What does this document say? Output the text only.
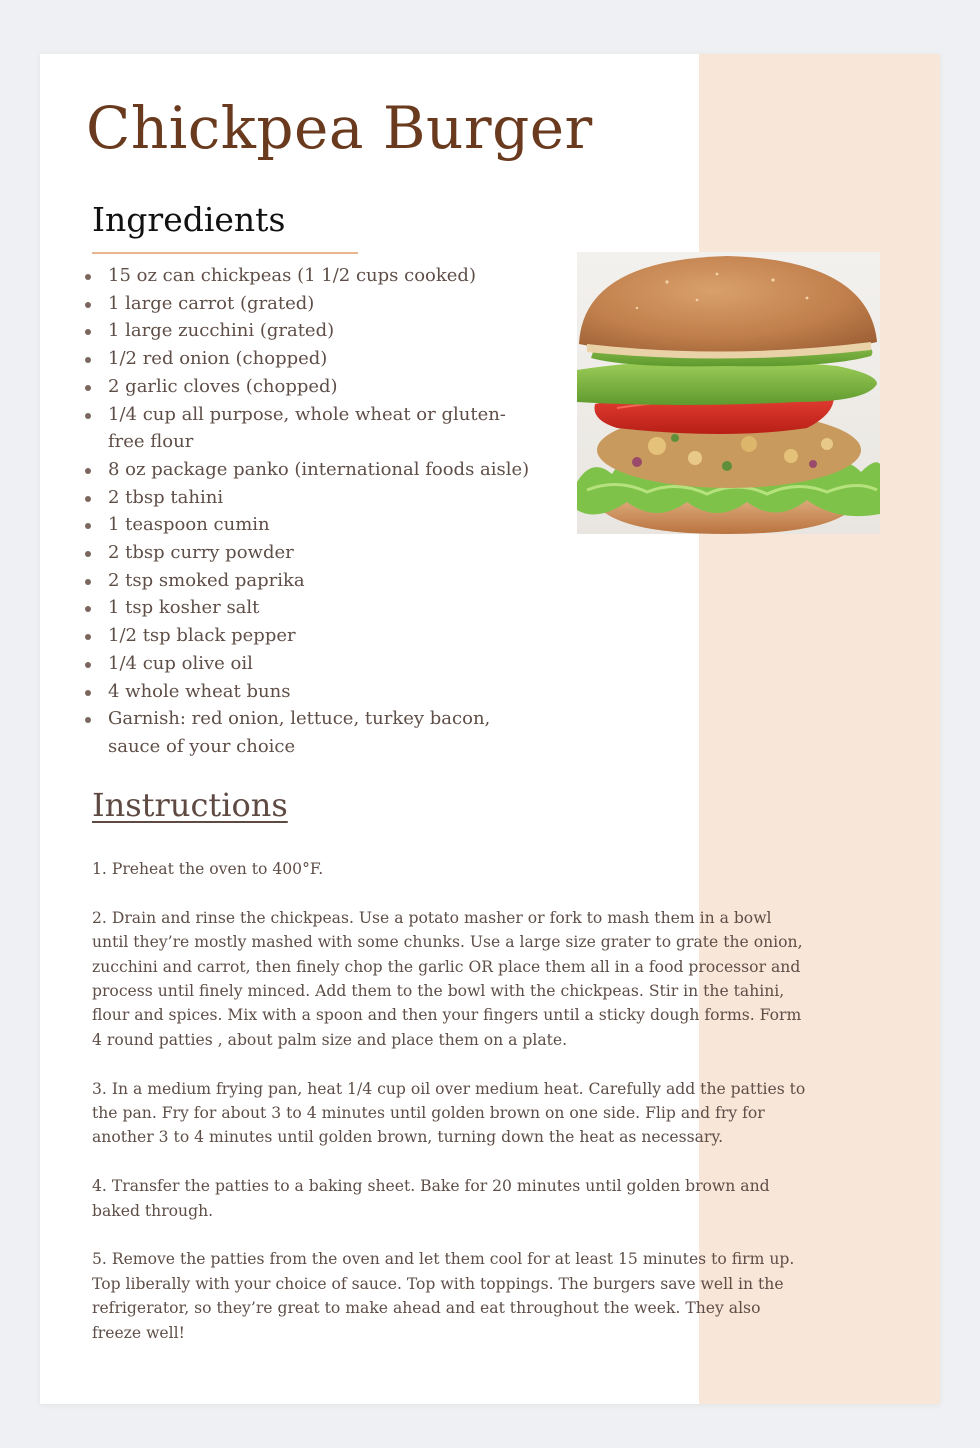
Chickpea Burger
Ingredients
15 oz can chickpeas (1 1/2 cups cooked)
1 large carrot (grated)
1 large zucchini (grated)
1/2 red onion (chopped)
2 garlic cloves (chopped)
1/4 cup all purpose, whole wheat or gluten-free flour
8 oz package panko (international foods aisle)
2 tbsp tahini
1 teaspoon cumin
2 tbsp curry powder
2 tsp smoked paprika
1 tsp kosher salt
1/2 tsp black pepper
1/4 cup olive oil
4 whole wheat buns
Garnish: red onion, lettuce, turkey bacon, sauce of your choice
Instructions

1. Preheat the oven to 400°F.

2. Drain and rinse the chickpeas. Use a potato masher or fork to mash them in a bowl until they’re mostly mashed with some chunks. Use a large size grater to grate the onion, zucchini and carrot, then finely chop the garlic OR place them all in a food processor and process until finely minced. Add them to the bowl with the chickpeas. Stir in the tahini, flour and spices. Mix with a spoon and then your fingers until a sticky dough forms. Form 4 round patties , about palm size and place them on a plate.

3. In a medium frying pan, heat 1/4 cup oil over medium heat. Carefully add the patties to the pan. Fry for about 3 to 4 minutes until golden brown on one side. Flip and fry for another 3 to 4 minutes until golden brown, turning down the heat as necessary.

4. Transfer the patties to a baking sheet. Bake for 20 minutes until golden brown and baked through.

5. Remove the patties from the oven and let them cool for at least 15 minutes to firm up. Top liberally with your choice of sauce. Top with toppings. The burgers save well in the refrigerator, so they’re great to make ahead and eat throughout the week. They also freeze well!
